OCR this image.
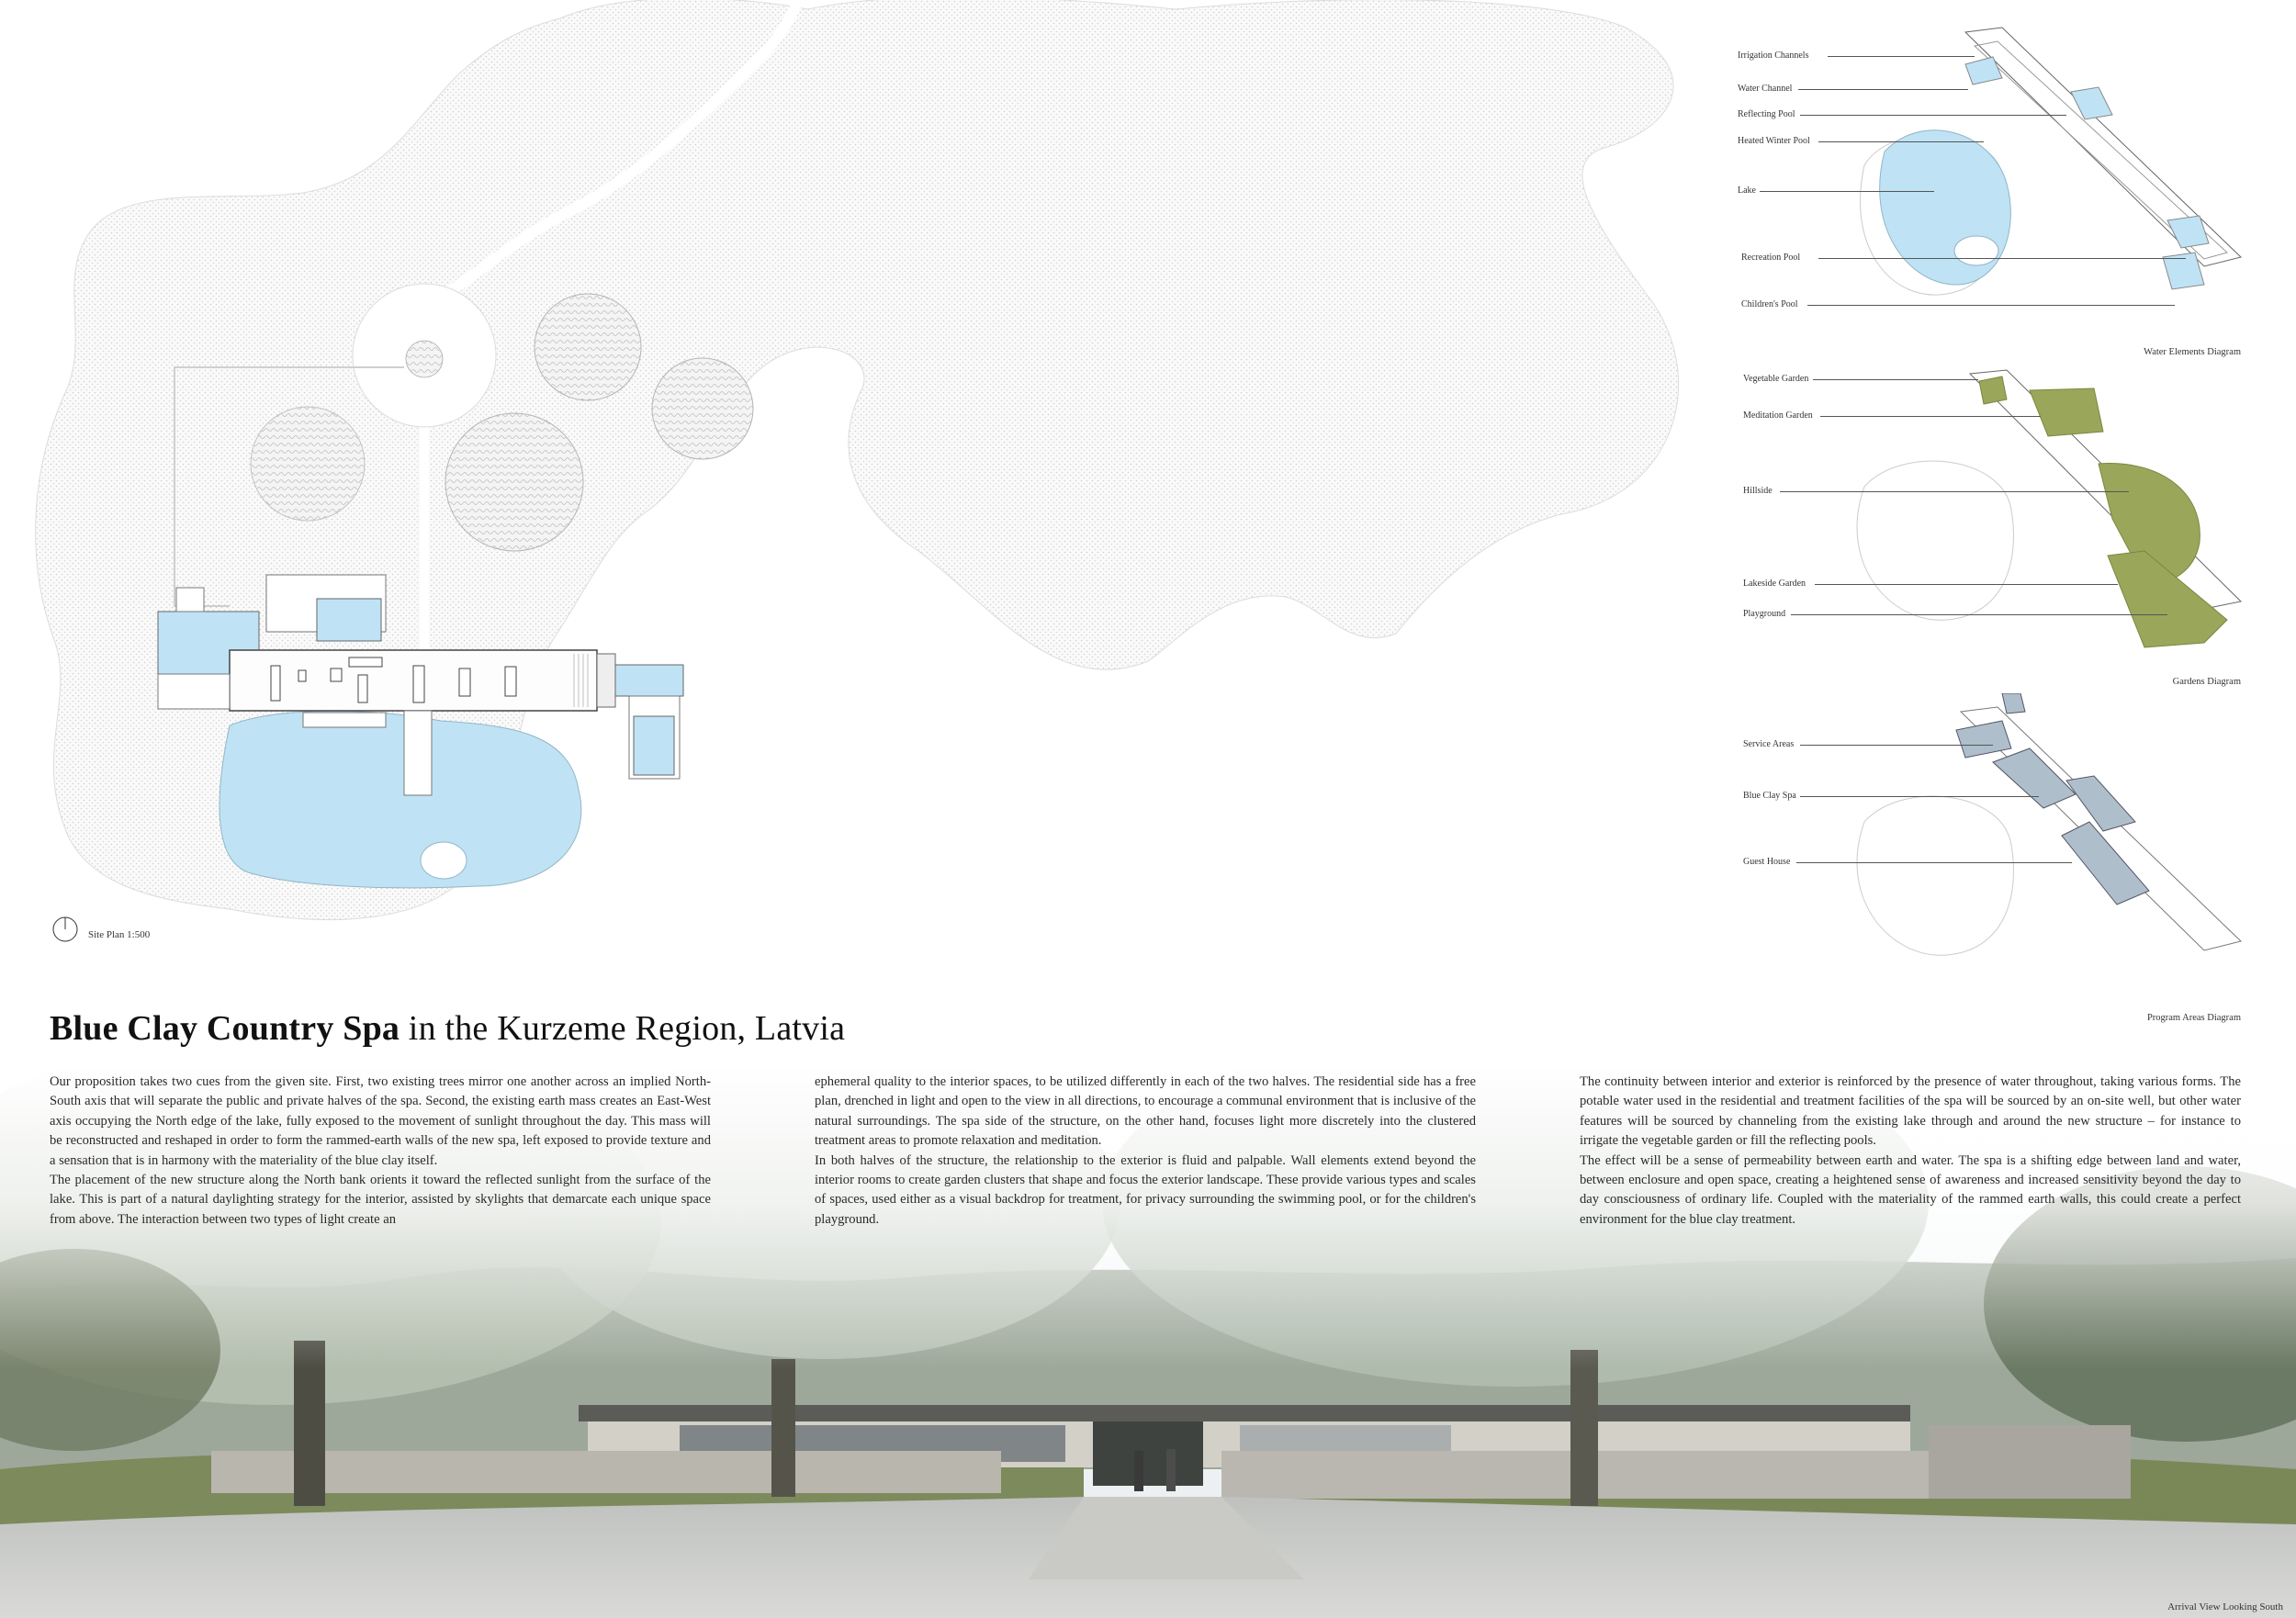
Site Plan 1:500
Irrigation Channels
Water Channel
Reflecting Pool
Heated Winter Pool
Lake
Recreation Pool
Children's Pool
Water Elements Diagram
Vegetable Garden
Meditation Garden
Hillside
Lakeside Garden
Playground
Gardens Diagram
Service Areas
Blue Clay Spa
Guest House
Program Areas Diagram
Blue Clay Country Spa in the Kurzeme Region, Latvia
Arrival View Looking South

Our proposition takes two cues from the given site. First, two existing trees mirror one another across an implied North-South axis that will separate the public and private halves of the spa. Second, the existing earth mass creates an East-West axis occupying the North edge of the lake, fully exposed to the movement of sunlight throughout the day. This mass will be reconstructed and reshaped in order to form the rammed-earth walls of the new spa, left exposed to provide texture and a sensation that is in harmony with the materiality of the blue clay itself.

The placement of the new structure along the North bank orients it toward the reflected sunlight from the surface of the lake. This is part of a natural daylighting strategy for the interior, assisted by skylights that demarcate each unique space from above. The interaction between two types of light create an

ephemeral quality to the interior spaces, to be utilized differently in each of the two halves. The residential side has a free plan, drenched in light and open to the view in all directions, to encourage a communal environment that is inclusive of the natural surroundings. The spa side of the structure, on the other hand, focuses light more discretely into the clustered treatment areas to promote relaxation and meditation.

In both halves of the structure, the relationship to the exterior is fluid and palpable. Wall elements extend beyond the interior rooms to create garden clusters that shape and focus the exterior landscape. These provide various types and scales of spaces, used either as a visual backdrop for treatment, for privacy surrounding the swimming pool, or for the children's playground.

The continuity between interior and exterior is reinforced by the presence of water throughout, taking various forms. The potable water used in the residential and treatment facilities of the spa will be sourced by an on-site well, but other water features will be sourced by channeling from the existing lake through and around the new structure – for instance to irrigate the vegetable garden or fill the reflecting pools.

The effect will be a sense of permeability between earth and water. The spa is a shifting edge between land and water, between enclosure and open space, creating a heightened sense of awareness and increased sensitivity beyond the day to day consciousness of ordinary life. Coupled with the materiality of the rammed earth walls, this could create a perfect environment for the blue clay treatment.
